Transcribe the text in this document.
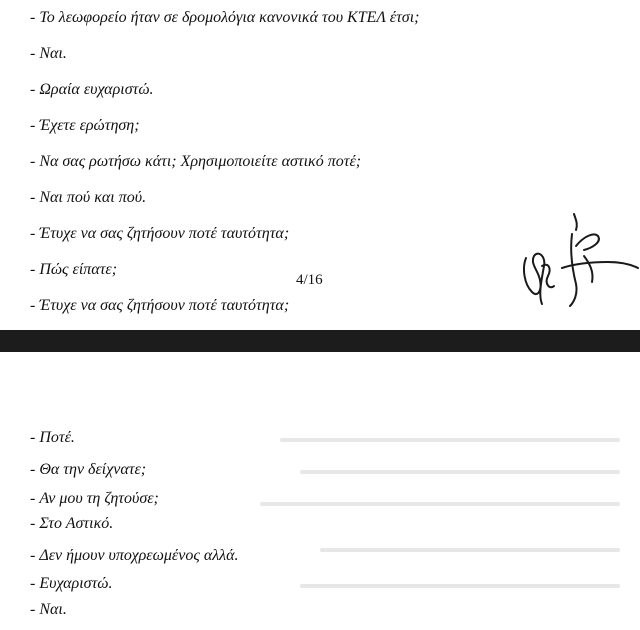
- Το λεωφορείο ήταν σε δρομολόγια κανονικά του ΚΤΕΛ έτσι;
- Ναι.
- Ωραία ευχαριστώ.
- Έχετε ερώτηση;
- Να σας ρωτήσω κάτι; Χρησιμοποιείτε αστικό ποτέ;
- Ναι πού και πού.
- Έτυχε να σας ζητήσουν ποτέ ταυτότητα;
- Πώς είπατε;
- Έτυχε να σας ζητήσουν ποτέ ταυτότητα;
4/16
- Ποτέ.
- Θα την δείχνατε;
- Αν μου τη ζητούσε;
- Στο Αστικό.
- Δεν ήμουν υποχρεωμένος αλλά.
- Ευχαριστώ.
- Ναι.
